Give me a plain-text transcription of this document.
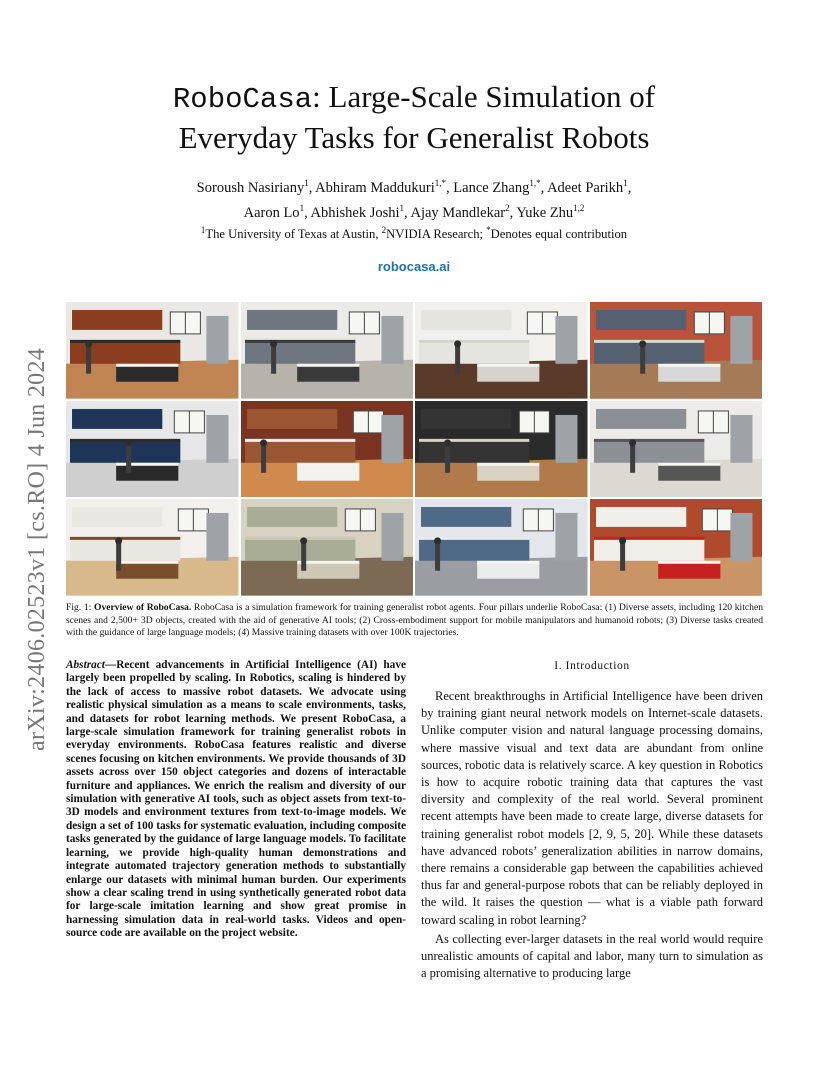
arXiv:2406.02523v1 [cs.RO] 4 Jun 2024
RoboCasa: Large-Scale Simulation of
Everyday Tasks for Generalist Robots
Soroush Nasiriany$^1$, Abhiram Maddukuri$^{1,*}$, Lance Zhang$^{1,*}$, Adeet Parikh$^1$,
Aaron Lo$^1$, Abhishek Joshi$^1$, Ajay Mandlekar$^2$, Yuke Zhu$^{1,2}$
$^1$The University of Texas at Austin, $^2$NVIDIA Research; *Denotes equal contribution
robocasa.ai
Fig. 1: Overview of RoboCasa. RoboCasa is a simulation framework for training generalist robot agents. Four pillars underlie RoboCasa: (1) Diverse assets, including 120 kitchen scenes and 2,500+ 3D objects, created with the aid of generative AI tools; (2) Cross-embodiment support for mobile manipulators and humanoid robots; (3) Diverse tasks created with the guidance of large language models; (4) Massive training datasets with over 100K trajectories.

Abstract—Recent advancements in Artificial Intelligence (AI) have largely been propelled by scaling. In Robotics, scaling is hindered by the lack of access to massive robot datasets. We advocate using realistic physical simulation as a means to scale environments, tasks, and datasets for robot learning methods. We present RoboCasa, a large-scale simulation framework for training generalist robots in everyday environments. RoboCasa features realistic and diverse scenes focusing on kitchen environments. We provide thousands of 3D assets across over 150 object categories and dozens of interactable furniture and appliances. We enrich the realism and diversity of our simulation with generative AI tools, such as object assets from text-to-3D models and environment textures from text-to-image models. We design a set of 100 tasks for systematic evaluation, including composite tasks generated by the guidance of large language models. To facilitate learning, we provide high-quality human demonstrations and integrate automated trajectory generation methods to substantially enlarge our datasets with minimal human burden. Our experiments show a clear scaling trend in using synthetically generated robot data for large-scale imitation learning and show great promise in harnessing simulation data in real-world tasks. Videos and open-source code are available on the project website.

I. Introduction

Recent breakthroughs in Artificial Intelligence have been driven by training giant neural network models on Internet-scale datasets. Unlike computer vision and natural language processing domains, where massive visual and text data are abundant from online sources, robotic data is relatively scarce. A key question in Robotics is how to acquire robotic training data that captures the vast diversity and complexity of the real world. Several prominent recent attempts have been made to create large, diverse datasets for training generalist robot models [2, 9, 5, 20]. While these datasets have advanced robots’ generalization abilities in narrow domains, there remains a considerable gap between the capabilities achieved thus far and general-purpose robots that can be reliably deployed in the wild. It raises the question — what is a viable path forward toward scaling in robot learning?

As collecting ever-larger datasets in the real world would require unrealistic amounts of capital and labor, many turn to simulation as a promising alternative to producing large
